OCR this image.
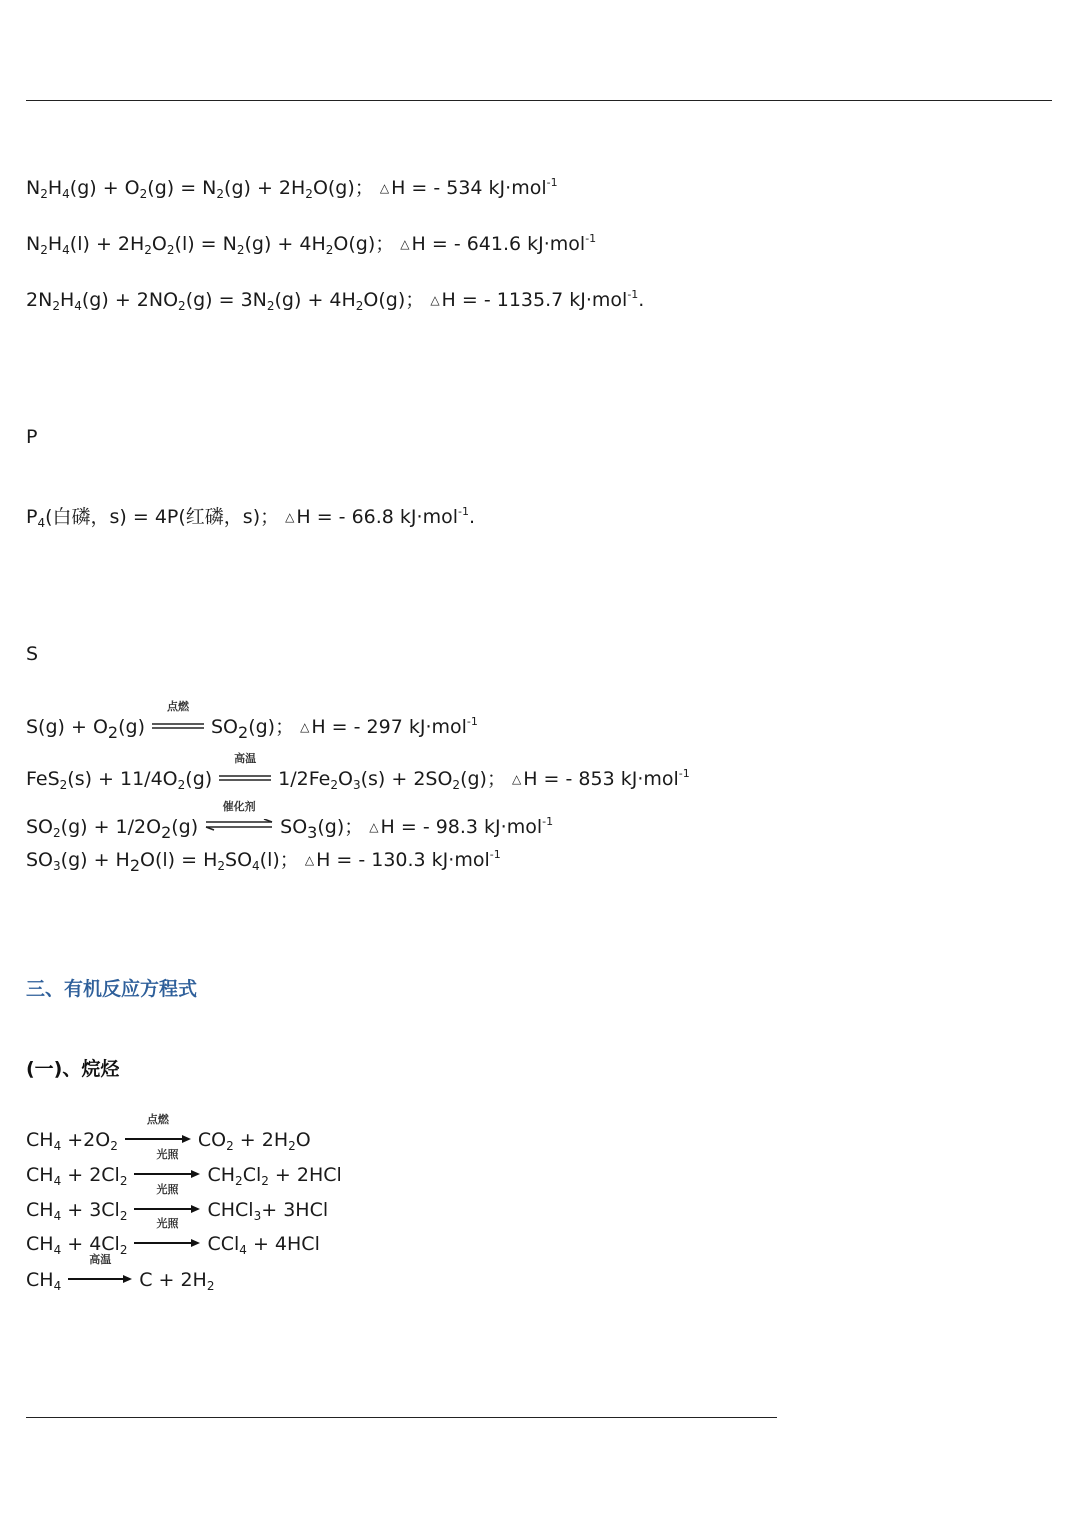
$N_2H_4(g) + O_2(g) = N_2(g) + 2H_2O(g)$； △ H = - 534 kJ·mol$^{-1}$
$N_2H_4(l) + 2H_2O_2(l) = N_2(g) + 4H_2O(g)$； △ H = - 641.6 kJ·mol$^{-1}$
$2N_2H_4(g) + 2NO_2(g) = 3N_2(g) + 4H_2O(g)$； △ H = - 1135.7 kJ·mol$^{-1}$.
P
$P_4$(白磷，s) = 4P(红磷，s)； △ H = - 66.8 kJ·mol$^{-1}$.
S
$S(g) + O_2(g)$
点燃
$SO_2(g)$； △ H = - 297 kJ·mol$^{-1}$
$FeS_2(s) + 11/4O_2(g)$
高温
$1/2Fe_2O_3(s) + 2SO_2(g)$； △ H = - 853 kJ·mol$^{-1}$
$SO_2(g) + 1/2O_2(g)$
催化剂
$SO_3(g)$； △ H = - 98.3 kJ·mol$^{-1}$
$SO_3(g) + H_2O(l) = H_2SO_4(l)$； △ H = - 130.3 kJ·mol$^{-1}$
三、有机反应方程式
(一)、烷烃
$CH_4 +2O_2$
点燃
$CO_2 + 2H_2O$
$CH_4 + 2Cl_2$
光照
$CH_2Cl_2 + 2HCl$
$CH_4 + 3Cl_2$
光照
CHCl$_3$+ 3HCl
$CH_4 + 4Cl_2$
光照
CCl$_4$ + 4HCl
$CH_4$
高温
$C + 2H_2$
